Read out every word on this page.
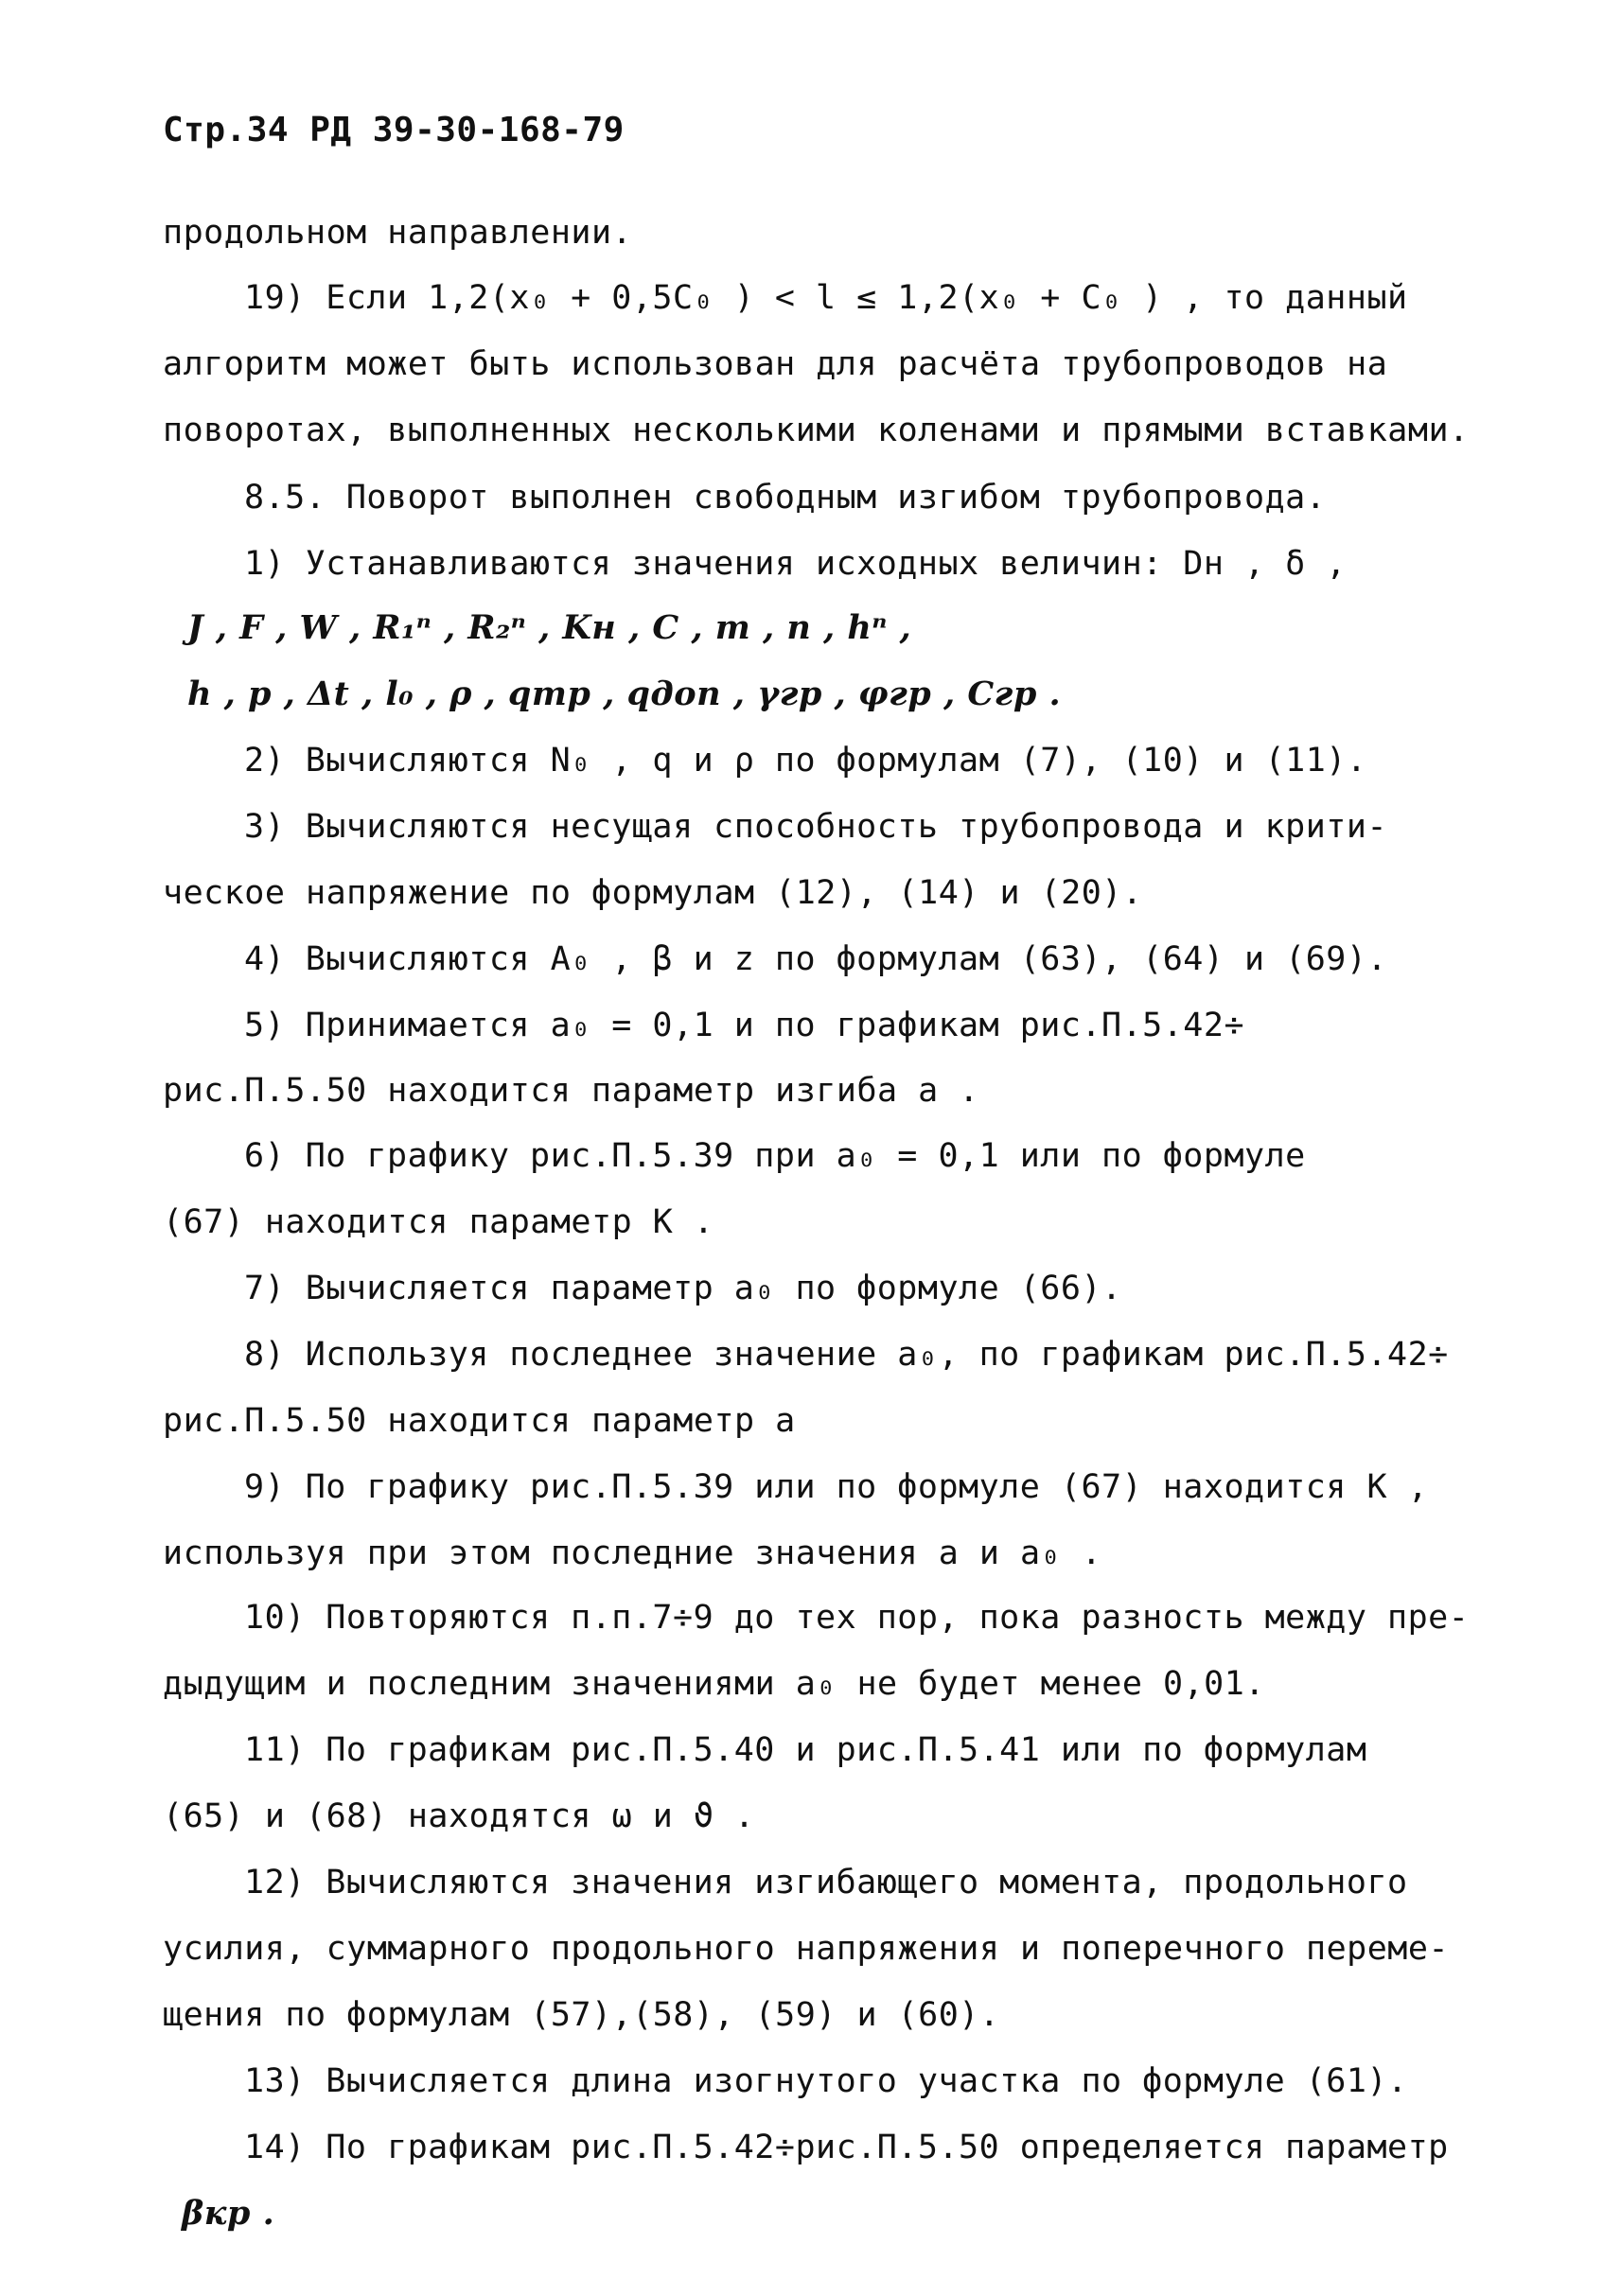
Стр.34 РД 39-30-168-79
продольном направлении.
19) Если 1,2(x₀ + 0,5C₀ ) < l ≤ 1,2(x₀ + C₀ ) , то данный
алгоритм может быть использован для расчёта трубопроводов на
поворотах, выполненных несколькими коленами и прямыми вставками.
8.5. Поворот выполнен свободным изгибом трубопровода.
1) Устанавливаются значения исходных величин: Dн , δ ,
J , F , W , R₁ⁿ , R₂ⁿ , Kн , C , m , n , hⁿ ,
h , p , Δt , l₀ , ρ , qтр , qдоп , γгр , φгр , Cгр .
2) Вычисляются N₀ , q и ρ по формулам (7), (10) и (11).
3) Вычисляются несущая способность трубопровода и крити-
ческое напряжение по формулам (12), (14) и (20).
4) Вычисляются A₀ , β и z по формулам (63), (64) и (69).
5) Принимается a₀ = 0,1 и по графикам рис.П.5.42÷
рис.П.5.50 находится параметр изгиба a .
6) По графику рис.П.5.39 при a₀ = 0,1 или по формуле
(67) находится параметр K .
7) Вычисляется параметр a₀ по формуле (66).
8) Используя последнее значение a₀, по графикам рис.П.5.42÷
рис.П.5.50 находится параметр a
9) По графику рис.П.5.39 или по формуле (67) находится K ,
используя при этом последние значения a и a₀ .
10) Повторяются п.п.7÷9 до тех пор, пока разность между пре-
дыдущим и последним значениями a₀ не будет менее 0,01.
11) По графикам рис.П.5.40 и рис.П.5.41 или по формулам
(65) и (68) находятся ω и ϑ .
12) Вычисляются значения изгибающего момента, продольного
усилия, суммарного продольного напряжения и поперечного переме-
щения по формулам (57),(58), (59) и (60).
13) Вычисляется длина изогнутого участка по формуле (61).
14) По графикам рис.П.5.42÷рис.П.5.50 определяется параметр
βкр .
